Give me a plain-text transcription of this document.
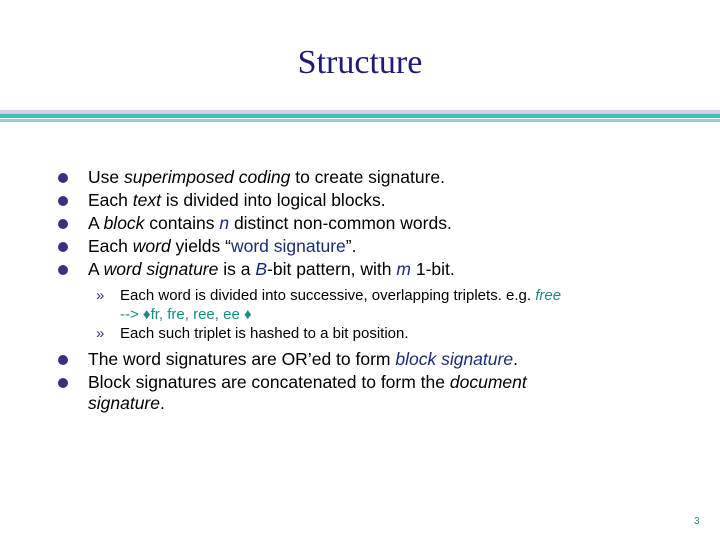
Structure
Use superimposed coding to create signature.
Each text is divided into logical blocks.
A block contains n distinct non-common words.
Each word yields “word signature”.
A word signature is a B-bit pattern, with m 1-bit.
» Each word is divided into successive, overlapping triplets. e.g. free
--> ♦fr, fre, ree, ee ♦
» Each such triplet is hashed to a bit position.
The word signatures are OR’ed to form block signature.
Block signatures are concatenated to form the document
signature.
3
